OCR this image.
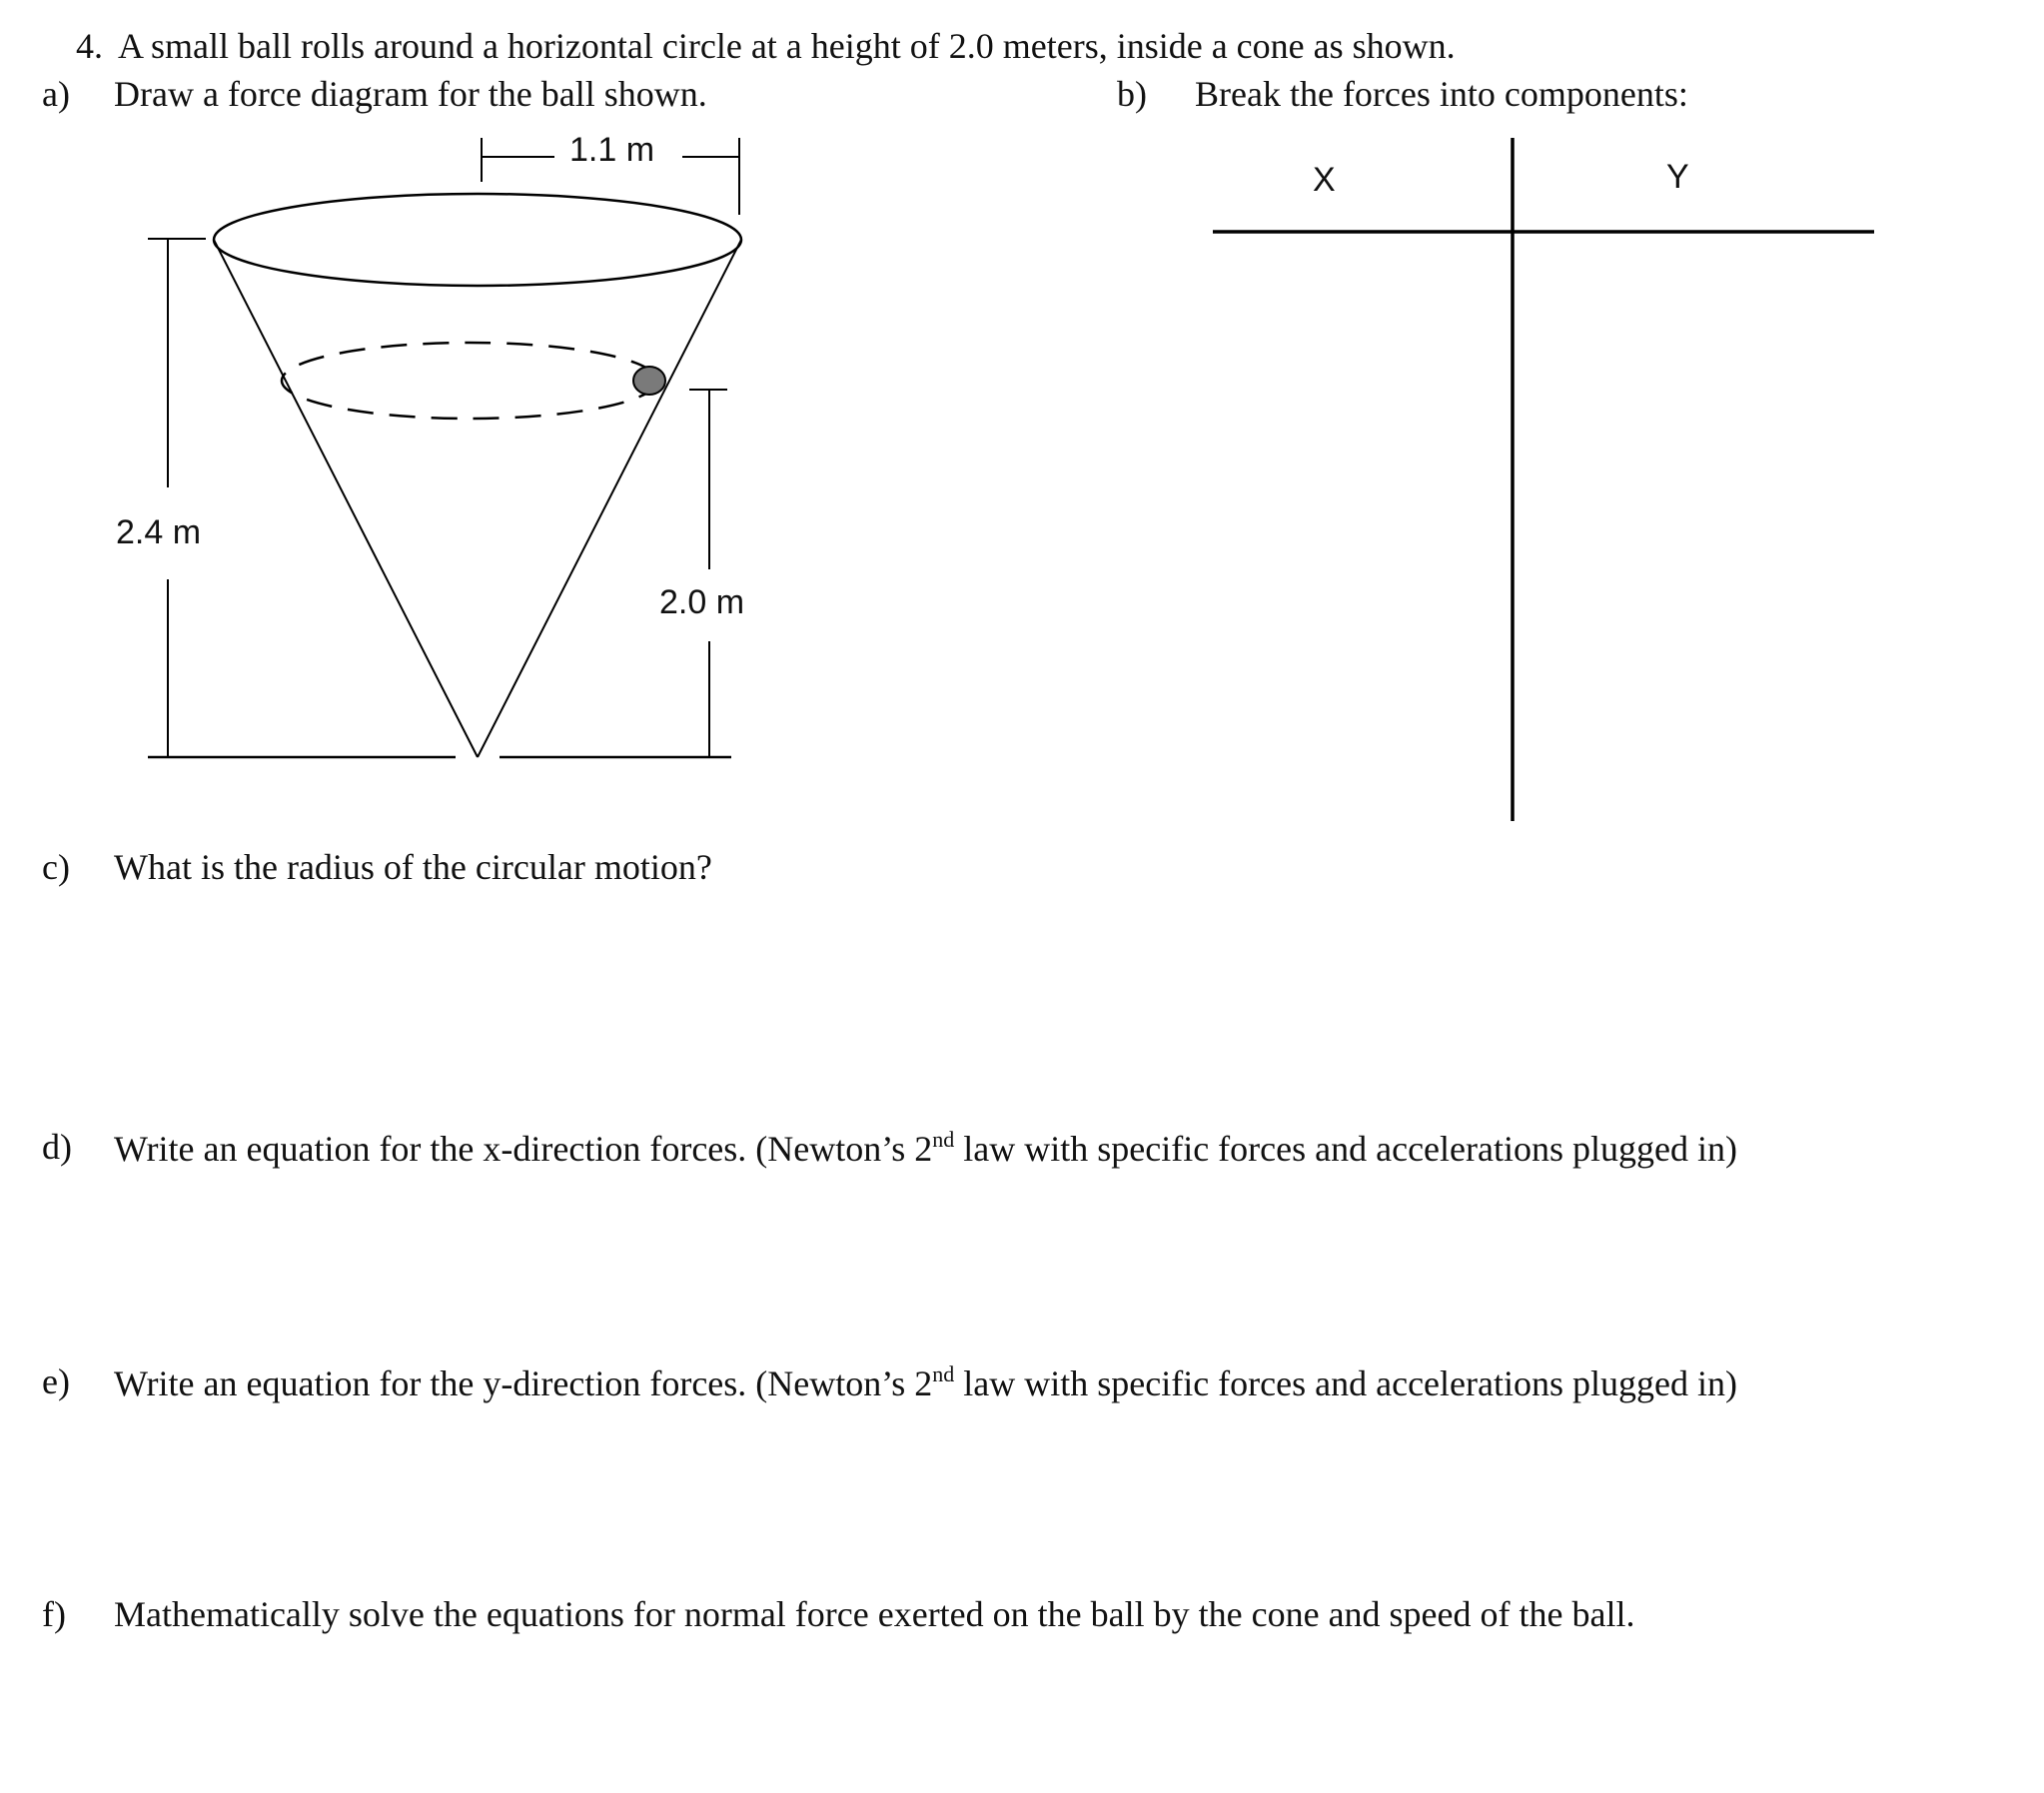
4. A small ball rolls around a horizontal circle at a height of 2.0 meters, inside a cone as shown.
a) Draw a force diagram for the ball shown.	b) Break the forces into components:
1.1 m
2.4 m
2.0 m
X	Y
c) What is the radius of the circular motion?
d) Write an equation for the x-direction forces. (Newton’s 2nd law with specific forces and accelerations plugged in)
e) Write an equation for the y-direction forces. (Newton’s 2nd law with specific forces and accelerations plugged in)
f) Mathematically solve the equations for normal force exerted on the ball by the cone and speed of the ball.
